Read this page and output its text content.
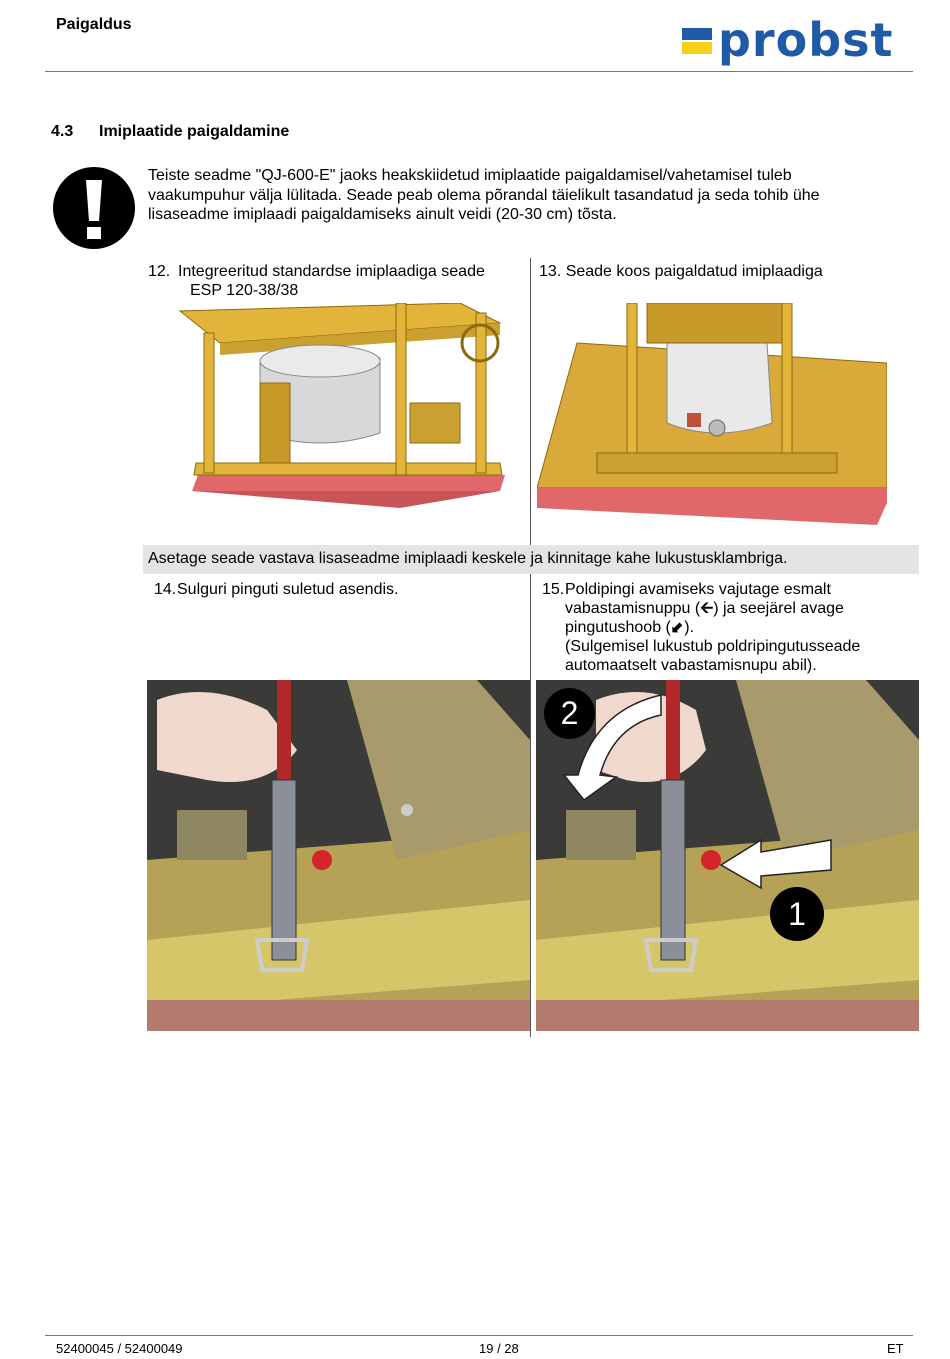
Paigaldus	probst
4.3 Imiplaatide paigaldamine
Teiste seadme "QJ-600-E" jaoks heakskiidetud imiplaatide paigaldamisel/vahetamisel tuleb vaakumpuhur välja lülitada. Seade peab olema põrandal täielikult tasandatud ja seda tohib ühe lisaseadme imiplaadi paigaldamiseks ainult veidi (20-30 cm) tõsta.
12. Integreeritud standardse imiplaadiga seade
ESP 120-38/38
13. Seade koos paigaldatud imiplaadiga
Asetage seade vastava lisaseadme imiplaadi keskele ja kinnitage kahe lukustusklambriga.
14. Sulguri pinguti suletud asendis.	15. Poldipingi avamiseks vajutage esmalt
vabastamisnuppu (🡨) ja seejärel avage
pingutushoob (⬋).
(Sulgemisel lukustub poldripingutusseade
automaatselt vabastamisnupu abil).
2
1
52400045 / 52400049	19 / 28	ET
